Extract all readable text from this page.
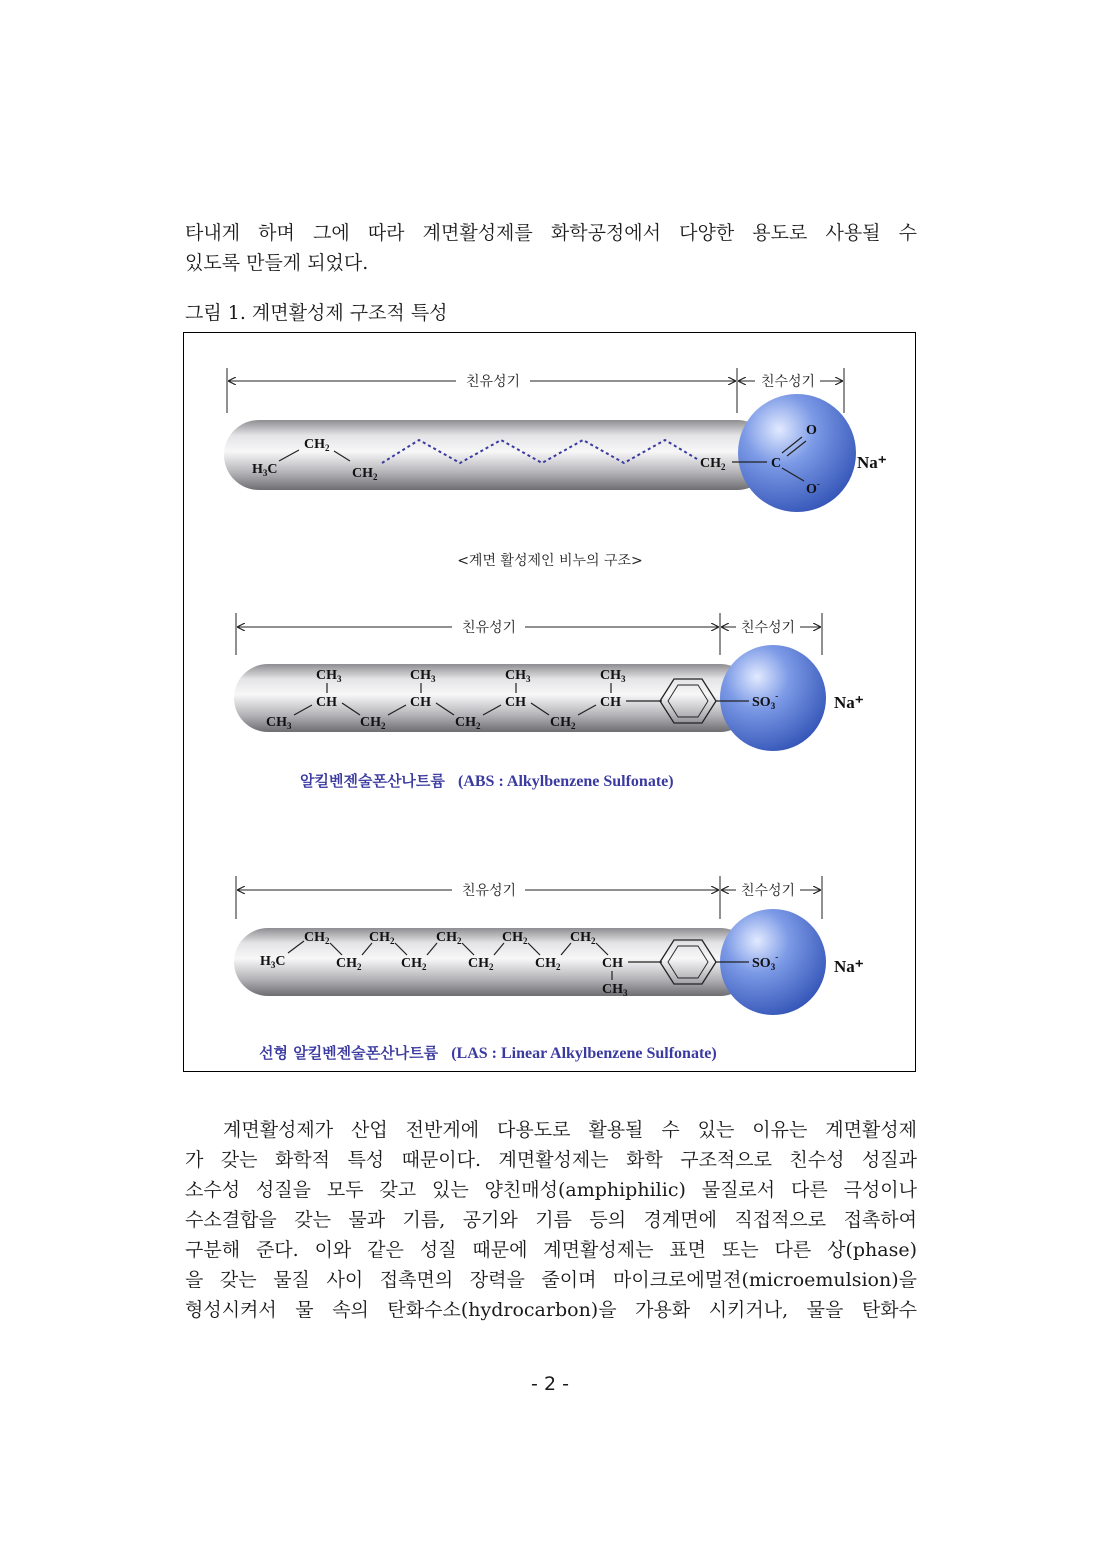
타내게 하며 그에 따라 계면활성제를 화학공정에서 다양한 용도로 사용될 수
있도록 만들게 되었다.

그림 1. 계면활성제 구조적 특성

친유성기	친수성기
$H_3C$
$CH_2$
$CH_2$
$CH_2$	C
O
O-
Na⁺
<계면 활성제인 비누의 구조>
친유성기	친수성기
$CH_3$
CH
$CH_3$
CH
$CH_3$
CH
$CH_3$
CH
$CH_3$	$CH_2$	$CH_2$	$CH_2$
$SO_3^-$	Na⁺
알킬벤젠술폰산나트륨 (ABS : Alkylbenzene Sulfonate)
친유성기	친수성기
$H_3C$
$CH_2$
$CH_2$
$CH_2$
$CH_2$
$CH_2$
$CH_2$
$CH_2$
$CH_2$
$CH_2$
CH
$CH_3$
$SO_3^-$	Na⁺
선형 알킬벤젠술폰산나트륨 (LAS : Linear Alkylbenzene Sulfonate)
계면활성제가 산업 전반게에 다용도로 활용될 수 있는 이유는 계면활성제
가 갖는 화학적 특성 때문이다. 계면활성제는 화학 구조적으로 친수성 성질과
소수성 성질을 모두 갖고 있는 양친매성(amphiphilic) 물질로서 다른 극성이나
수소결합을 갖는 물과 기름, 공기와 기름 등의 경계면에 직접적으로 접촉하여
구분해 준다. 이와 같은 성질 때문에 계면활성제는 표면 또는 다른 상(phase)
을 갖는 물질 사이 접촉면의 장력을 줄이며 마이크로에멀젼(microemulsion)을
형성시켜서 물 속의 탄화수소(hydrocarbon)을 가용화 시키거나, 물을 탄화수
- 2 -
